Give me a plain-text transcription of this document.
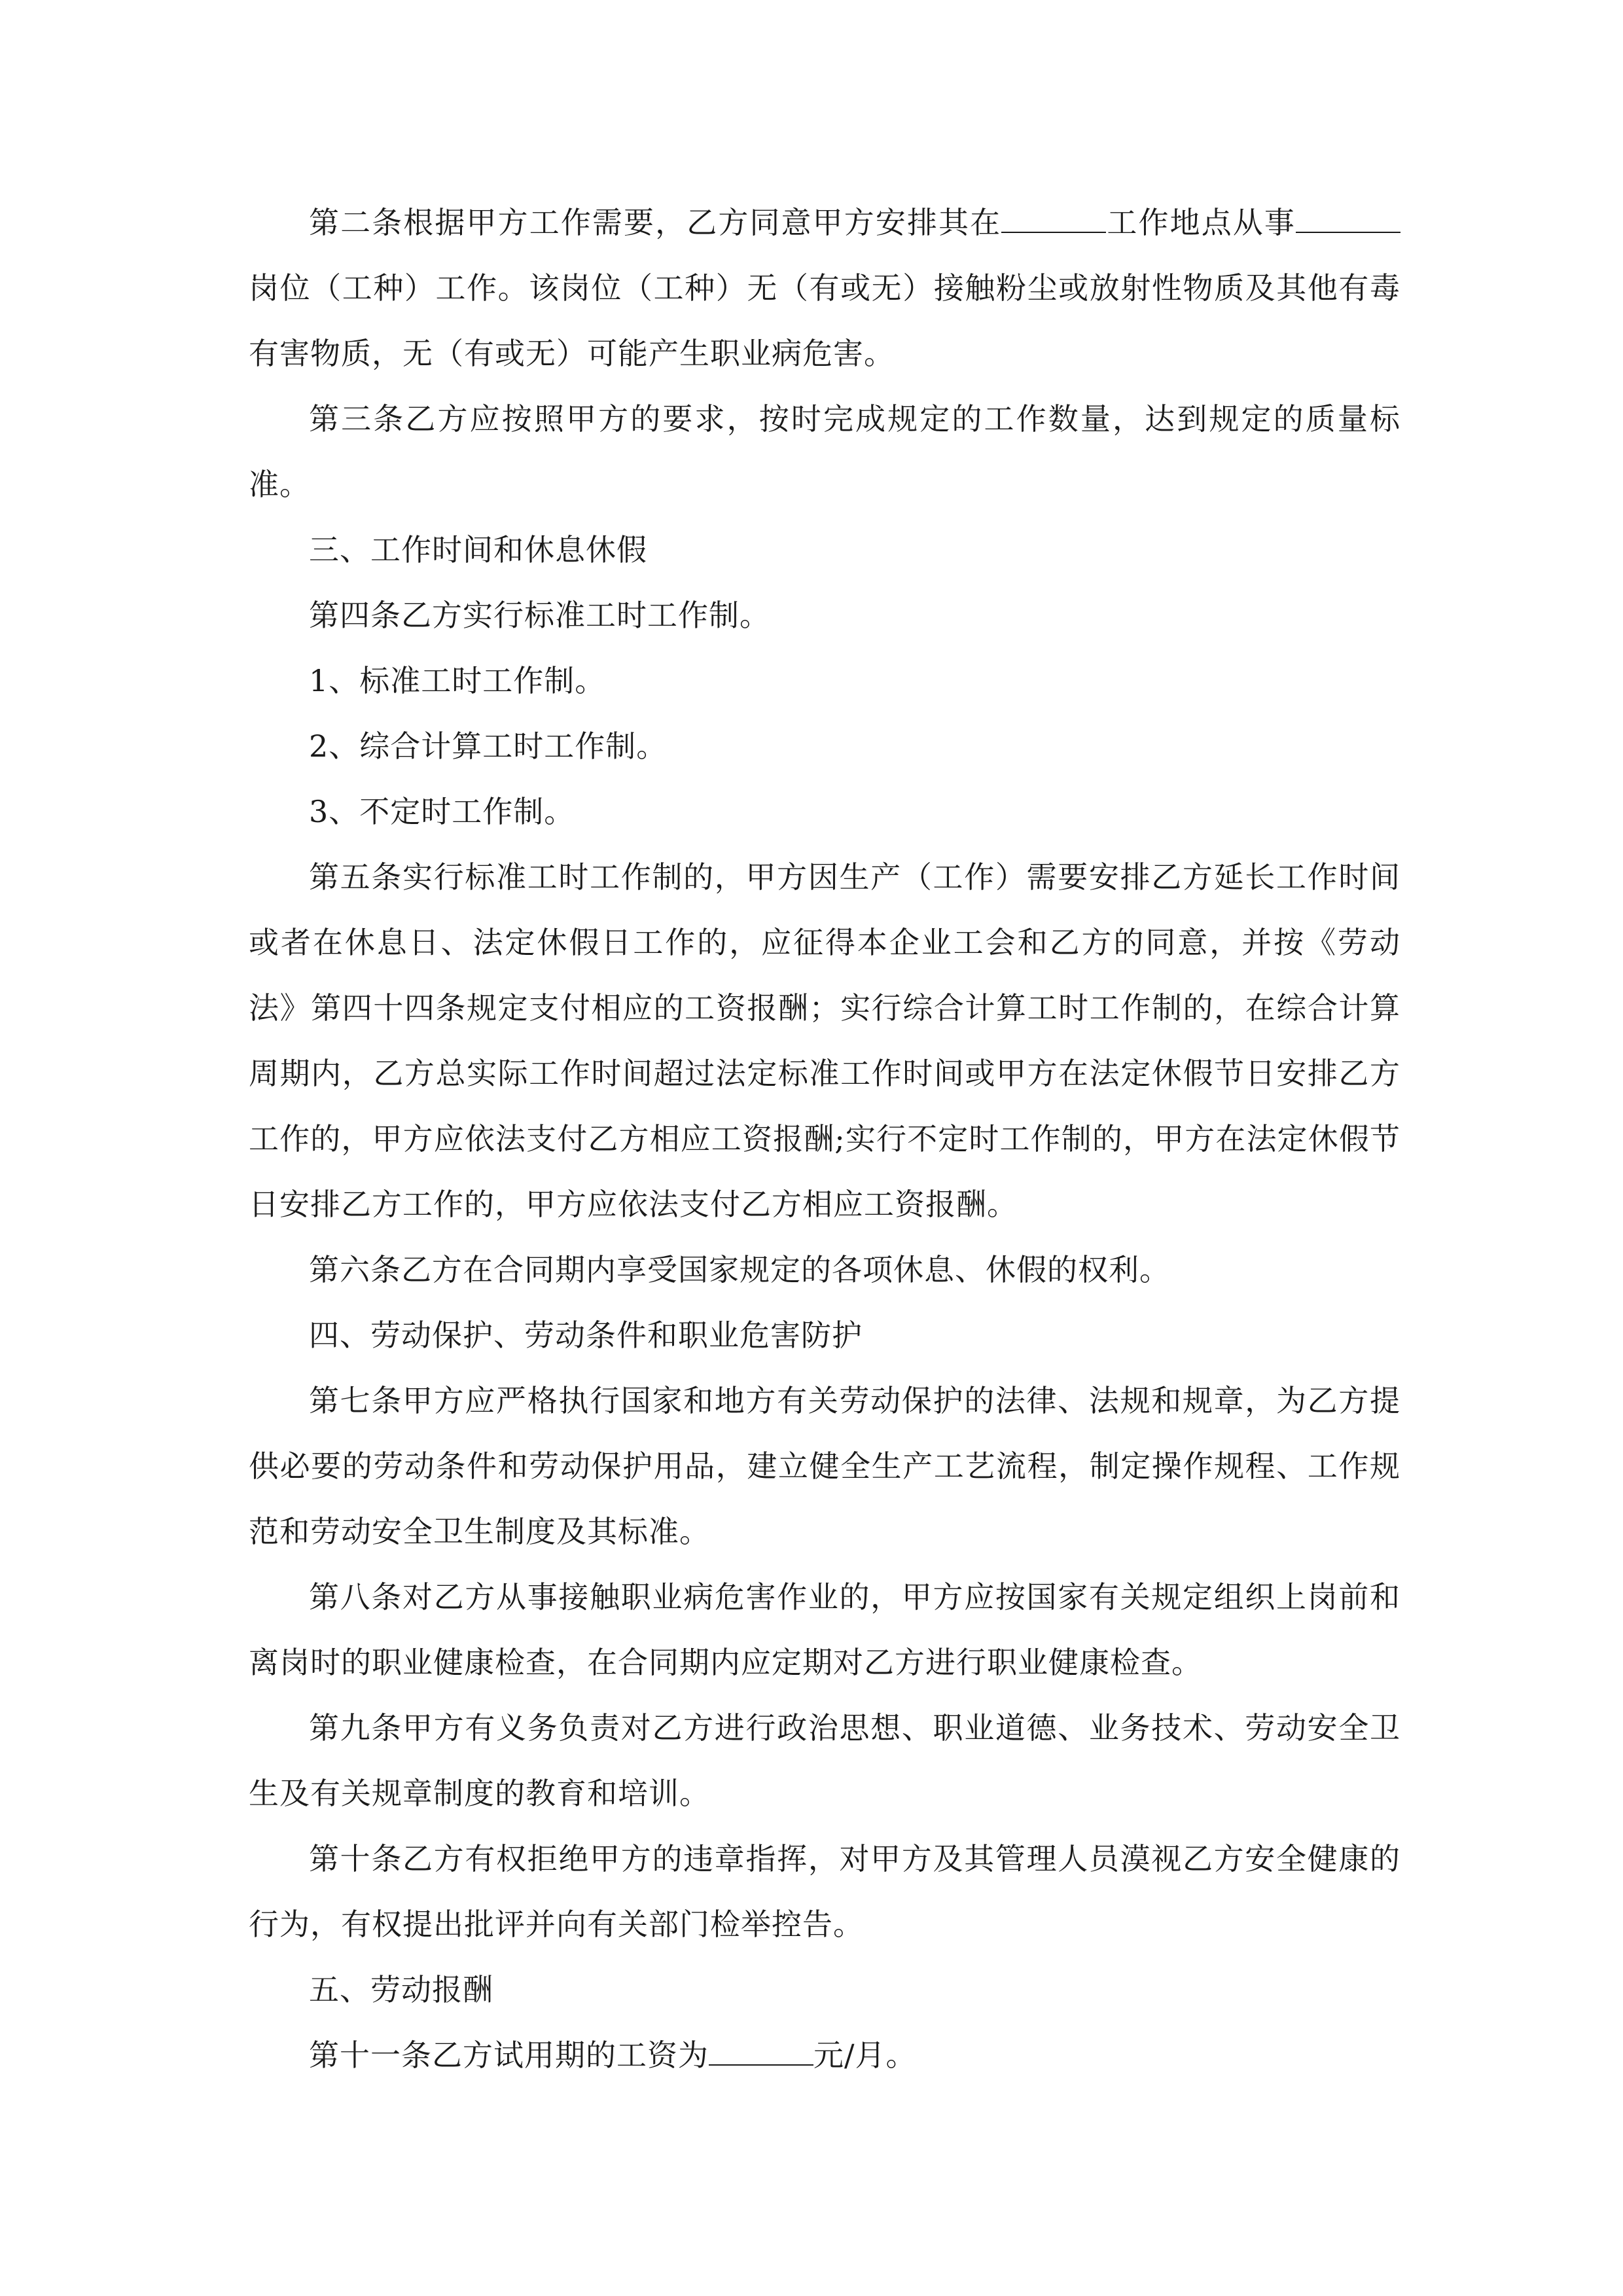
第二条根据甲方工作需要，乙方同意甲方安排其在	工作地点从事岗位（工种）工作。该岗位（工种）无（有或无）接触粉尘或放射性物质及其他有毒有害物质，无（有或无）可能产生职业病危害。

第三条乙方应按照甲方的要求，按时完成规定的工作数量，达到规定的质量标准。

三、工作时间和休息休假

第四条乙方实行标准工时工作制。

1、标准工时工作制。

2、综合计算工时工作制。

3、不定时工作制。

第五条实行标准工时工作制的，甲方因生产（工作）需要安排乙方延长工作时间或者在休息日、法定休假日工作的，应征得本企业工会和乙方的同意，并按《劳动法》第四十四条规定支付相应的工资报酬；实行综合计算工时工作制的，在综合计算周期内，乙方总实际工作时间超过法定标准工作时间或甲方在法定休假节日安排乙方工作的，甲方应依法支付乙方相应工资报酬;实行不定时工作制的，甲方在法定休假节日安排乙方工作的，甲方应依法支付乙方相应工资报酬。

第六条乙方在合同期内享受国家规定的各项休息、休假的权利。

四、劳动保护、劳动条件和职业危害防护

第七条甲方应严格执行国家和地方有关劳动保护的法律、法规和规章，为乙方提供必要的劳动条件和劳动保护用品，建立健全生产工艺流程，制定操作规程、工作规范和劳动安全卫生制度及其标准。

第八条对乙方从事接触职业病危害作业的，甲方应按国家有关规定组织上岗前和离岗时的职业健康检查，在合同期内应定期对乙方进行职业健康检查。

第九条甲方有义务负责对乙方进行政治思想、职业道德、业务技术、劳动安全卫生及有关规章制度的教育和培训。

第十条乙方有权拒绝甲方的违章指挥，对甲方及其管理人员漠视乙方安全健康的行为，有权提出批评并向有关部门检举控告。

五、劳动报酬

第十一条乙方试用期的工资为	元/月。
